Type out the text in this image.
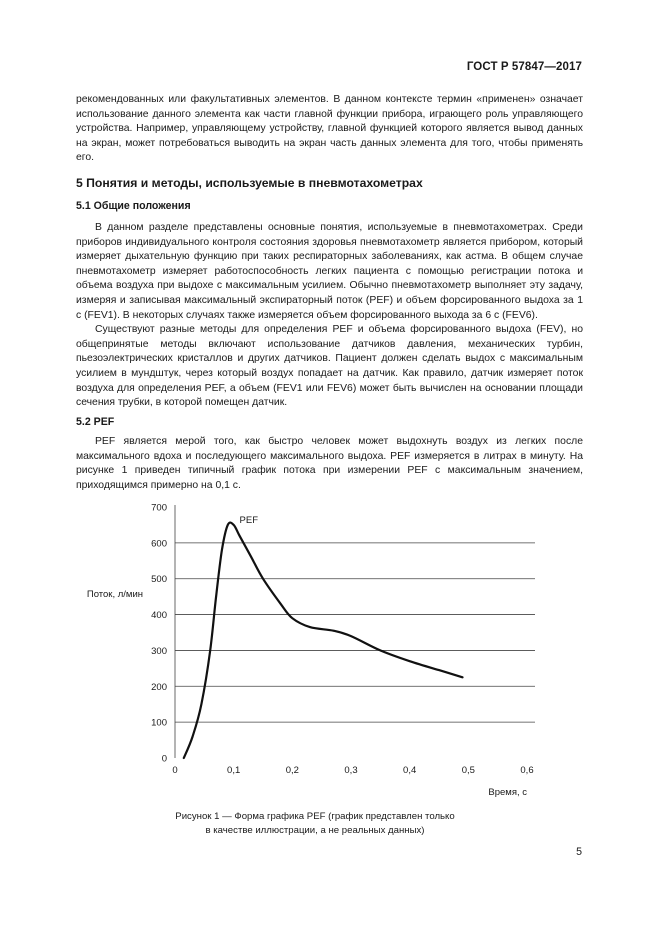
ГОСТ Р 57847—2017

рекомендованных или факультативных элементов. В данном контексте термин «применен» означает использование данного элемента как части главной функции прибора, играющего роль управляющего устройства. Например, управляющему устройству, главной функцией которого является вывод данных на экран, может потребоваться выводить на экран часть данных элемента для того, чтобы применять его.

5 Понятия и методы, используемые в пневмотахометрах
5.1 Общие положения

В данном разделе представлены основные понятия, используемые в пневмотахометрах. Среди приборов индивидуального контроля состояния здоровья пневмотахометр является прибором, который измеряет дыхательную функцию при таких респираторных заболеваниях, как астма. В общем случае пневмотахометр измеряет работоспособность легких пациента с помощью регистрации потока и объема воздуха при выдохе с максимальным усилием. Обычно пневмотахометр выполняет эту задачу, измеряя и записывая максимальный экспираторный поток (PEF) и объем форсированного выдоха за 1 с (FEV1). В некоторых случаях также измеряется объем форсированного выхода за 6 с (FEV6).

Существуют разные методы для определения PEF и объема форсированного выдоха (FEV), но общепринятые методы включают использование датчиков давления, механических турбин, пьезоэлектрических кристаллов и других датчиков. Пациент должен сделать выдох с максимальным усилием в мундштук, через который воздух попадает на датчик. Как правило, датчик измеряет поток воздуха для определения PEF, а объем (FEV1 или FEV6) может быть вычислен на основании площади сечения трубки, в которой помещен датчик.

5.2 PEF

PEF является мерой того, как быстро человек может выдохнуть воздух из легких после максимального вдоха и последующего максимального выдоха. PEF измеряется в литрах в минуту. На рисунке 1 приведен типичный график потока при измерении PEF с максимальным значением, приходящимся примерно на 0,1 с.

0
100
200
300
400
500
600
700
0	0,1	0,2	0,3	0,4	0,5	0,6
Поток, л/мин
Время, с
PEF
Рисунок 1 — Форма графика PEF (график представлен только
в качестве иллюстрации, а не реальных данных)
5
